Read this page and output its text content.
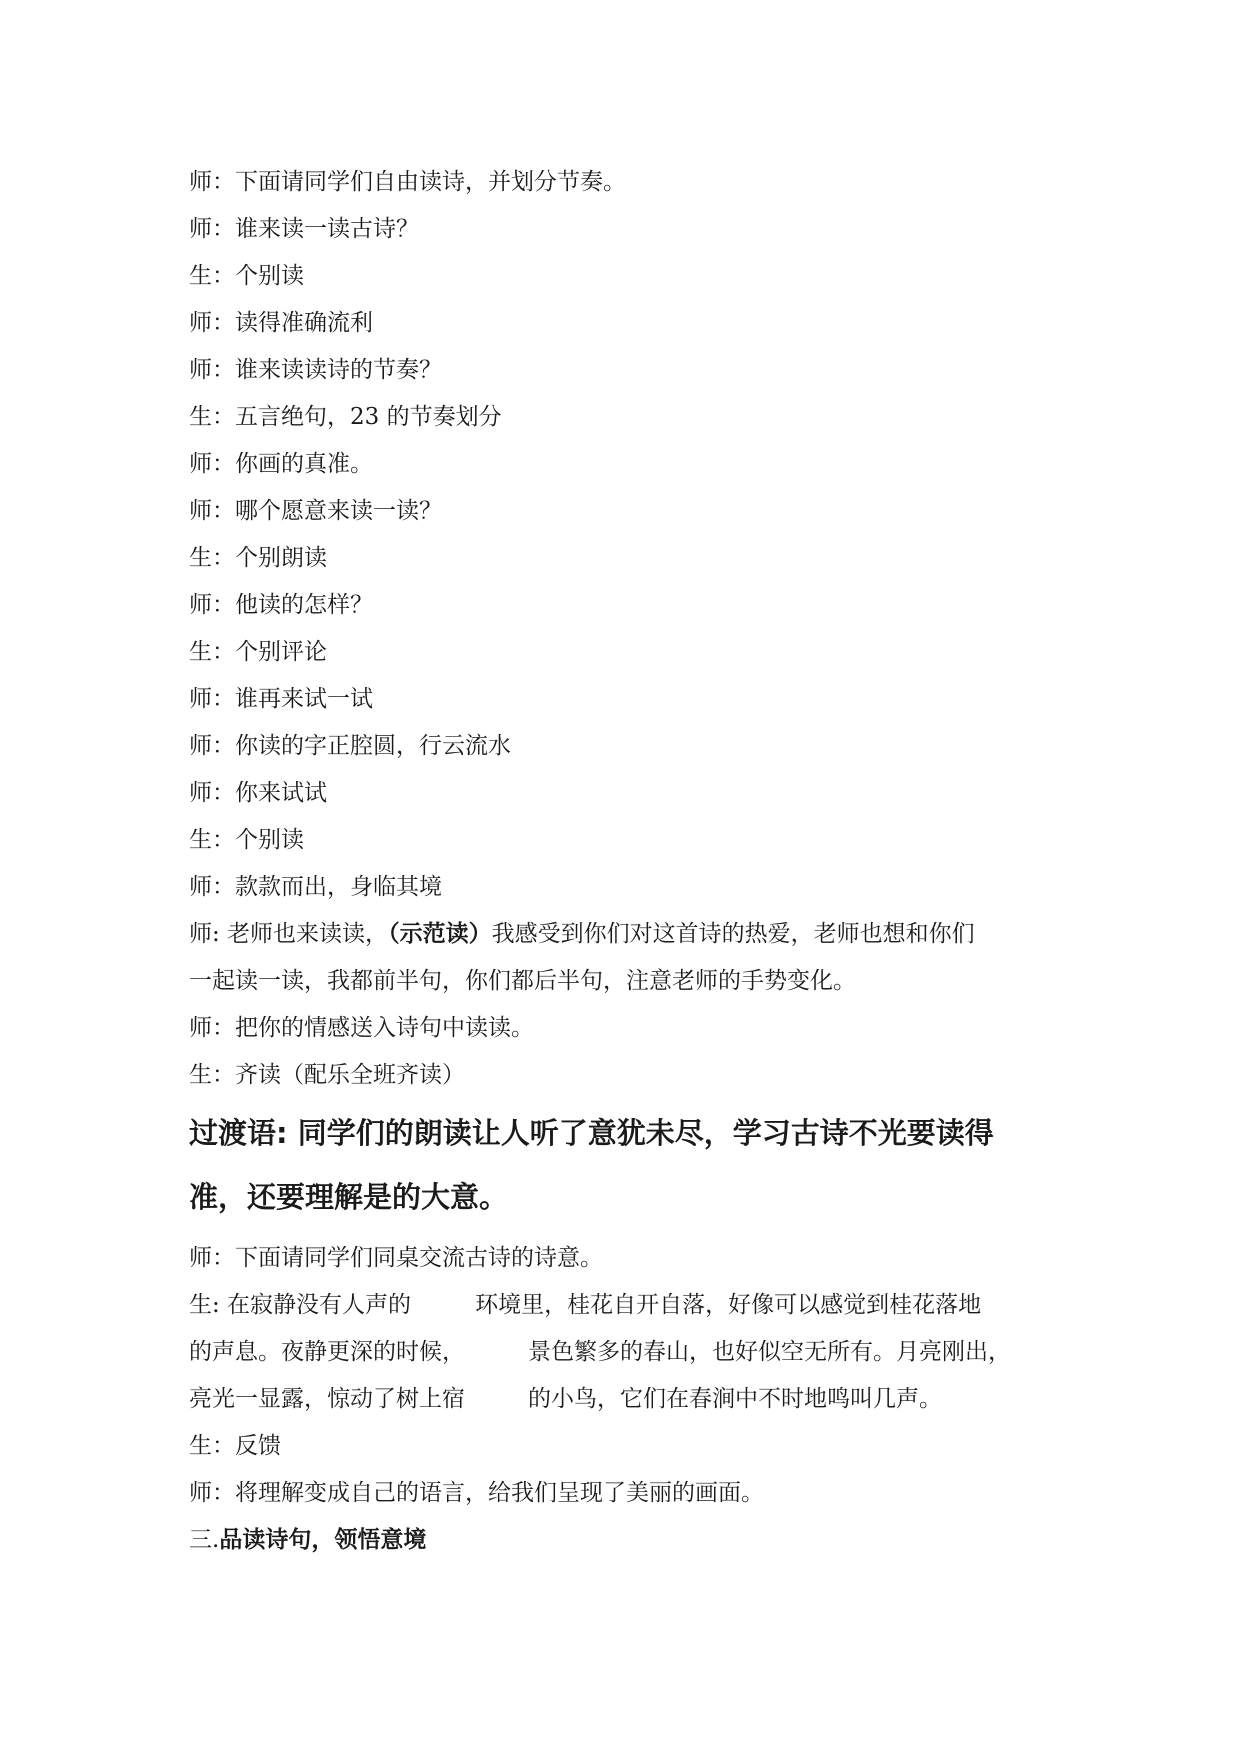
师：下面请同学们自由读诗，并划分节奏。
师：谁来读一读古诗？
生：个别读
师：读得准确流利
师：谁来读读诗的节奏？
生：五言绝句，23 的节奏划分
师：你画的真准。
师：哪个愿意来读一读？
生：个别朗读
师：他读的怎样？
生：个别评论
师：谁再来试一试
师：你读的字正腔圆，行云流水
师：你来试试
生：个别读
师：款款而出，身临其境
师: 老师也来读读，（示范读）我感受到你们对这首诗的热爱，老师也想和你们
一起读一读，我都前半句，你们都后半句，注意老师的手势变化。
师：把你的情感送入诗句中读读。
生：齐读（配乐全班齐读）
过渡语: 同学们的朗读让人听了意犹未尽，学习古诗不光要读得
准，还要理解是的大意。
师：下面请同学们同桌交流古诗的诗意。
生: 在寂静没有人声的	环境里，桂花自开自落，好像可以感觉到桂花落地
的声息。夜静更深的时候，	景色繁多的春山，也好似空无所有。月亮刚出，
亮光一显露，惊动了树上宿	的小鸟，它们在春涧中不时地鸣叫几声。
生：反馈
师：将理解变成自己的语言，给我们呈现了美丽的画面。
三.品读诗句，领悟意境
